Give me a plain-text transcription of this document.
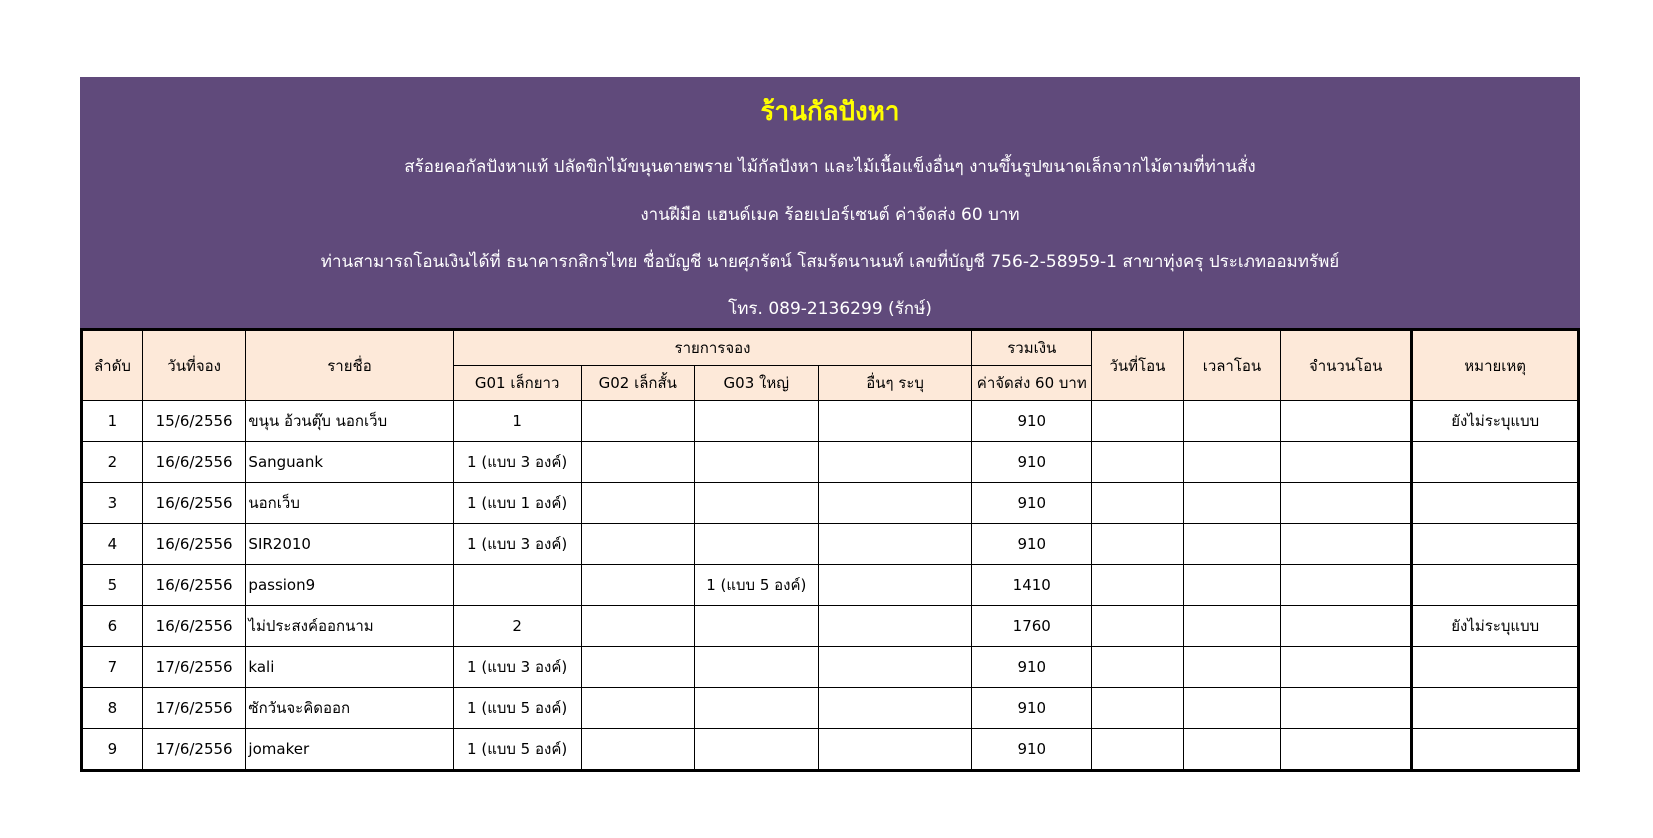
ร้านกัลปังหา
สร้อยคอกัลปังหาแท้ ปลัดขิกไม้ขนุนตายพราย ไม้กัลปังหา และไม้เนื้อแข็งอื่นๆ งานขึ้นรูปขนาดเล็กจากไม้ตามที่ท่านสั่ง
งานฝีมือ แฮนด์เมค ร้อยเปอร์เซนต์ ค่าจัดส่ง 60 บาท
ท่านสามารถโอนเงินได้ที่ ธนาคารกสิกรไทย ชื่อบัญชี นายศุภรัตน์ โสมรัตนานนท์ เลขที่บัญชี 756-2-58959-1 สาขาทุ่งครุ ประเภทออมทรัพย์
โทร. 089-2136299 (รักษ์)
ลำดับ	วันที่จอง	รายชื่อ	รายการจอง				รวมเงิน	วันที่โอน	เวลาโอน	จำนวนโอน	หมายเหตุ
			G01 เล็กยาว	G02 เล็กสั้น	G03 ใหญ่	อื่นๆ ระบุ	ค่าจัดส่ง 60 บาท				
1	15/6/2556	ขนุน อ้วนตุ๊บ นอกเว็บ	1				910				ยังไม่ระบุแบบ
2	16/6/2556	Sanguank	1 (แบบ 3 องค์)				910				
3	16/6/2556	นอกเว็บ	1 (แบบ 1 องค์)				910				
4	16/6/2556	SIR2010	1 (แบบ 3 องค์)				910				
5	16/6/2556	passion9			1 (แบบ 5 องค์)		1410				
6	16/6/2556	ไม่ประสงค์ออกนาม	2				1760				ยังไม่ระบุแบบ
7	17/6/2556	kali	1 (แบบ 3 องค์)				910				
8	17/6/2556	ซักวันจะคิดออก	1 (แบบ 5 องค์)				910				
9	17/6/2556	jomaker	1 (แบบ 5 องค์)				910				
